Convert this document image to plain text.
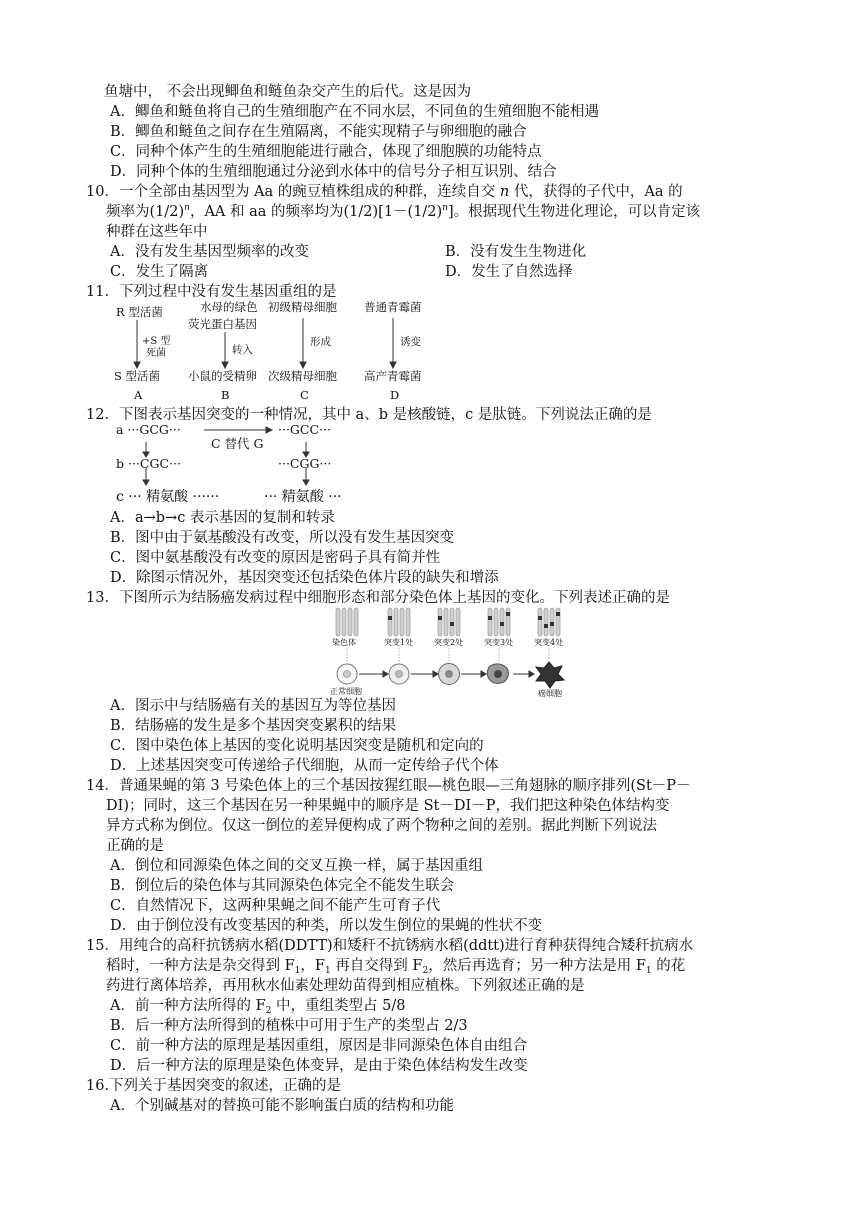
鱼塘中， 不会出现鲫鱼和鲢鱼杂交产生的后代。这是因为
A．鲫鱼和鲢鱼将自己的生殖细胞产在不同水层，不同鱼的生殖细胞不能相遇
B．鲫鱼和鲢鱼之间存在生殖隔离，不能实现精子与卵细胞的融合
C．同种个体产生的生殖细胞能进行融合，体现了细胞膜的功能特点
D．同种个体的生殖细胞通过分泌到水体中的信号分子相互识别、结合
10．一个全部由基因型为 Aa 的豌豆植株组成的种群，连续自交 n 代，获得的子代中，Aa 的
频率为$(1/2)^n$，AA 和 aa 的频率均为$(1/2)[1-(1/2)^n]$。根据现代生物进化理论，可以肯定该
种群在这些年中
A．没有发生基因型频率的改变	B．没有发生生物进化
C．发生了隔离	D．发生了自然选择
11．下列过程中没有发生基因重组的是
R 型活菌
+S 型
死菌
S 型活菌
A
水母的绿色
荧光蛋白基因
转入
小鼠的受精卵
B
初级精母细胞
形成
次级精母细胞
C
普通青霉菌
诱变
高产青霉菌
D
12．下图表示基因突变的一种情况，其中 a、b 是核酸链，c 是肽链。下列说法正确的是
a ···GCG···
C 替代 G
···GCC···
b ···CGC···	···CGG···
c ··· 精氨酸 ······	··· 精氨酸 ···
A．a→b→c 表示基因的复制和转录
B．图中由于氨基酸没有改变，所以没有发生基因突变
C．图中氨基酸没有改变的原因是密码子具有简并性
D．除图示情况外，基因突变还包括染色体片段的缺失和增添
13．下图所示为结肠癌发病过程中细胞形态和部分染色体上基因的变化。下列表述正确的是
染色体	突变1处	突变2处	突变3处	突变4处
正常细胞	癌细胞
A．图示中与结肠癌有关的基因互为等位基因
B．结肠癌的发生是多个基因突变累积的结果
C．图中染色体上基因的变化说明基因突变是随机和定向的
D．上述基因突变可传递给子代细胞，从而一定传给子代个体
14．普通果蝇的第 3 号染色体上的三个基因按猩红眼—桃色眼—三角翅脉的顺序排列(St－P－
DI)；同时，这三个基因在另一种果蝇中的顺序是 St－DI－P，我们把这种染色体结构变
异方式称为倒位。仅这一倒位的差异便构成了两个物种之间的差别。据此判断下列说法
正确的是
A．倒位和同源染色体之间的交叉互换一样，属于基因重组
B．倒位后的染色体与其同源染色体完全不能发生联会
C．自然情况下，这两种果蝇之间不能产生可育子代
D．由于倒位没有改变基因的种类，所以发生倒位的果蝇的性状不变
15．用纯合的高秆抗锈病水稻(DDTT)和矮秆不抗锈病水稻(ddtt)进行育种获得纯合矮秆抗病水
稻时，一种方法是杂交得到 $F_1$，$F_1$ 再自交得到 $F_2$，然后再选育；另一种方法是用 $F_1$ 的花
药进行离体培养，再用秋水仙素处理幼苗得到相应植株。下列叙述正确的是
A．前一种方法所得的 $F_2$ 中，重组类型占 5/8
B．后一种方法所得到的植株中可用于生产的类型占 2/3
C．前一种方法的原理是基因重组，原因是非同源染色体自由组合
D．后一种方法的原理是染色体变异，是由于染色体结构发生改变
16.下列关于基因突变的叙述，正确的是
A．个别碱基对的替换可能不影响蛋白质的结构和功能
